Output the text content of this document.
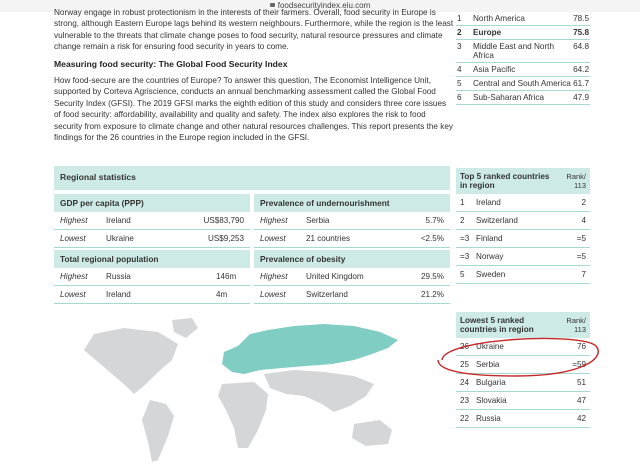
foodsecurityindex.eiu.com

Norway engage in robust protectionism in the interests of their farmers. Overall, food security in Europe is strong, although Eastern Europe lags behind its western neighbours. Furthermore, while the region is the least vulnerable to the threats that climate change poses to food security, natural resource pressures and climate change remain a risk for ensuring food security in years to come.

Measuring food security: The Global Food Security Index

How food-secure are the countries of Europe? To answer this question, The Economist Intelligence Unit, supported by Corteva Agriscience, conducts an annual benchmarking assessment called the Global Food Security Index (GFSI). The 2019 GFSI marks the eighth edition of this study and considers three core issues of food security: affordability, availability and quality and safety. The index also explores the risk to food security from exposure to climate change and other natural resources challenges. This report presents the key findings for the 26 countries in the Europe region included in the GFSI.

1	North America	78.5
2	Europe	75.8
3	Middle East and North Africa	64.8
4	Asia Pacific	64.2
5	Central and South America	61.7
6	Sub-Saharan Africa	47.9
Regional statistics
GDP per capita (PPP)
Highest	Ireland	US$83,790
Lowest	Ukraine	US$9,253
Total regional population
Highest	Russia	146m
Lowest	Ireland	4m
Prevalence of undernourishment
Highest	Serbia	5.7%
Lowest	21 countries	<2.5%
Prevalence of obesity
Highest	United Kingdom	29.5%
Lowest	Switzerland	21.2%
Top 5 ranked countries in region
Rank/ 113
1	Ireland	2
2	Switzerland	4
=3 Finland	=5
=3 Norway	=5
5	Sweden	7
Lowest 5 ranked countries in region
Rank/ 113
26 Ukraine	76
25 Serbia	=59
24 Bulgaria	51
23 Slovakia	47
22 Russia	42
